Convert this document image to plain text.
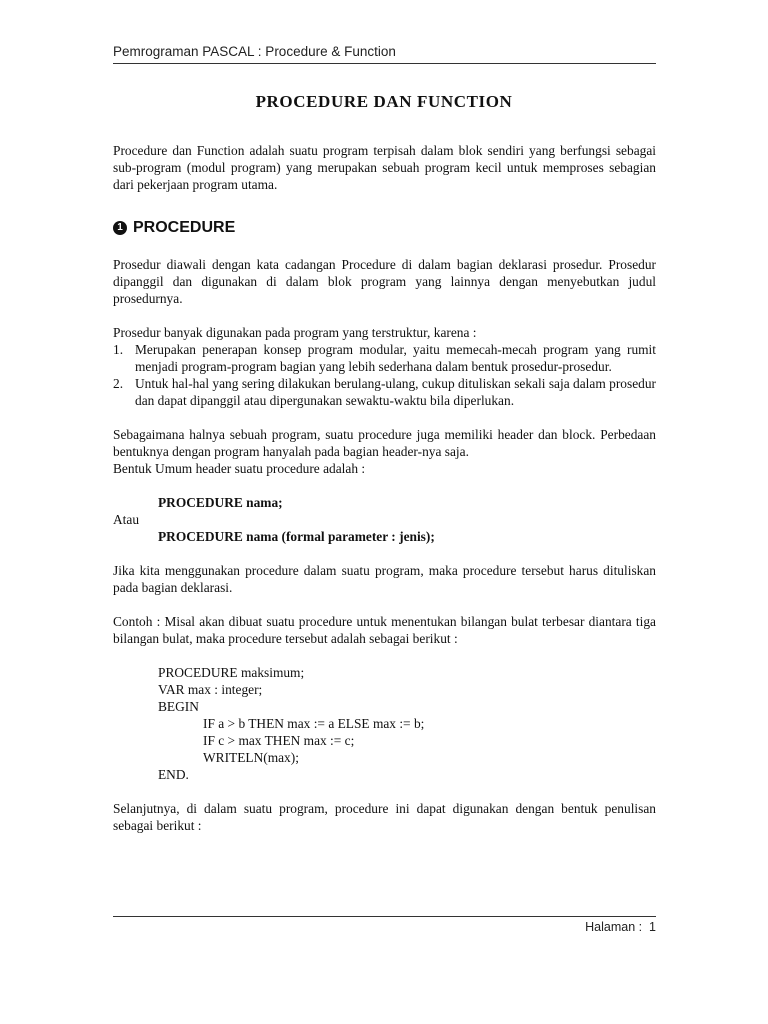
Pemrograman PASCAL : Procedure & Function
PROCEDURE DAN FUNCTION

Procedure dan Function adalah suatu program terpisah dalam blok sendiri yang berfungsi sebagai sub-program (modul program) yang merupakan sebuah program kecil untuk memproses sebagian dari pekerjaan program utama.

1 PROCEDURE

Prosedur diawali dengan kata cadangan Procedure di dalam bagian deklarasi prosedur. Prosedur dipanggil dan digunakan di dalam blok program yang lainnya dengan menyebutkan judul prosedurnya.

Prosedur banyak digunakan pada program yang terstruktur, karena :

1. Merupakan penerapan konsep program modular, yaitu memecah-mecah program yang rumit menjadi program-program bagian yang lebih sederhana dalam bentuk prosedur-prosedur.
2. Untuk hal-hal yang sering dilakukan berulang-ulang, cukup dituliskan sekali saja dalam prosedur dan dapat dipanggil atau dipergunakan sewaktu-waktu bila diperlukan.

Sebagaimana halnya sebuah program, suatu procedure juga memiliki header dan block. Perbedaan bentuknya dengan program hanyalah pada bagian header-nya saja.

Bentuk Umum header suatu procedure adalah :

PROCEDURE nama;

Atau

PROCEDURE nama (formal parameter : jenis);

Jika kita menggunakan procedure dalam suatu program, maka procedure tersebut harus dituliskan pada bagian deklarasi.

Contoh : Misal akan dibuat suatu procedure untuk menentukan bilangan bulat terbesar diantara tiga bilangan bulat, maka procedure tersebut adalah sebagai berikut :

PROCEDURE maksimum;

VAR max : integer;

BEGIN

IF a > b THEN max := a ELSE max := b;

IF c > max THEN max := c;

WRITELN(max);

END.

Selanjutnya, di dalam suatu program, procedure ini dapat digunakan dengan bentuk penulisan sebagai berikut :

Halaman :  1
